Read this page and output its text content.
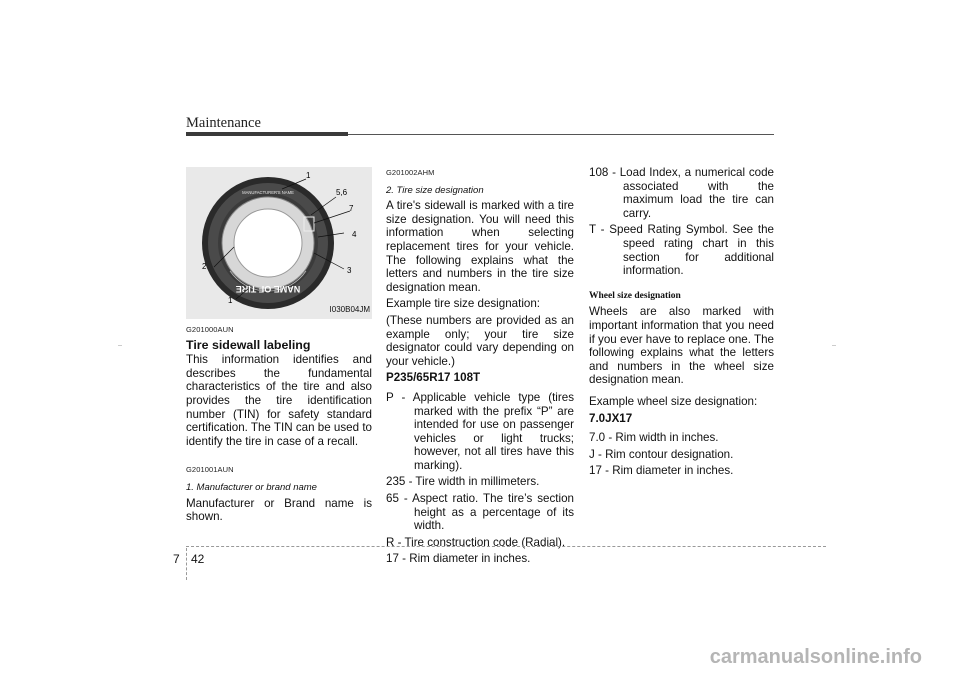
Maintenance
NAME OF TIRE
MANUFACTURER'S NAME
1
5,6
7
4
3
2
1
I030B04JM

G201000AUN

Tire sidewall labeling

This information identifies and describes the fundamental characteristics of the tire and also provides the tire identification number (TIN) for safety standard certification. The TIN can be used to identify the tire in case of a recall.

G201001AUN

1. Manufacturer or brand name

Manufacturer or Brand name is shown.

G201002AHM

2. Tire size designation

A tire's sidewall is marked with a tire size designation. You will need this information when selecting replacement tires for your vehicle. The following explains what the letters and numbers in the tire size designation mean.

Example tire size designation:

(These numbers are provided as an example only; your tire size designator could vary depending on your vehicle.)

P235/65R17 108T

P - Applicable vehicle type (tires marked with the prefix “P” are intended for use on passenger vehicles or light trucks; however, not all tires have this marking).

235 - Tire width in millimeters.

65 - Aspect ratio. The tire’s section height as a percentage of its width.

R - Tire construction code (Radial).

17 - Rim diameter in inches.

108 - Load Index, a numerical code associated with the maximum load the tire can carry.

T - Speed Rating Symbol. See the speed rating chart in this section for additional information.

Wheel size designation

Wheels are also marked with important information that you need if you ever have to replace one. The following explains what the letters and numbers in the wheel size designation mean.

Example wheel size designation:

7.0JX17

7.0 - Rim width in inches.

J - Rim contour designation.

17 - Rim diameter in inches.

7 42
carmanualsonline.info
